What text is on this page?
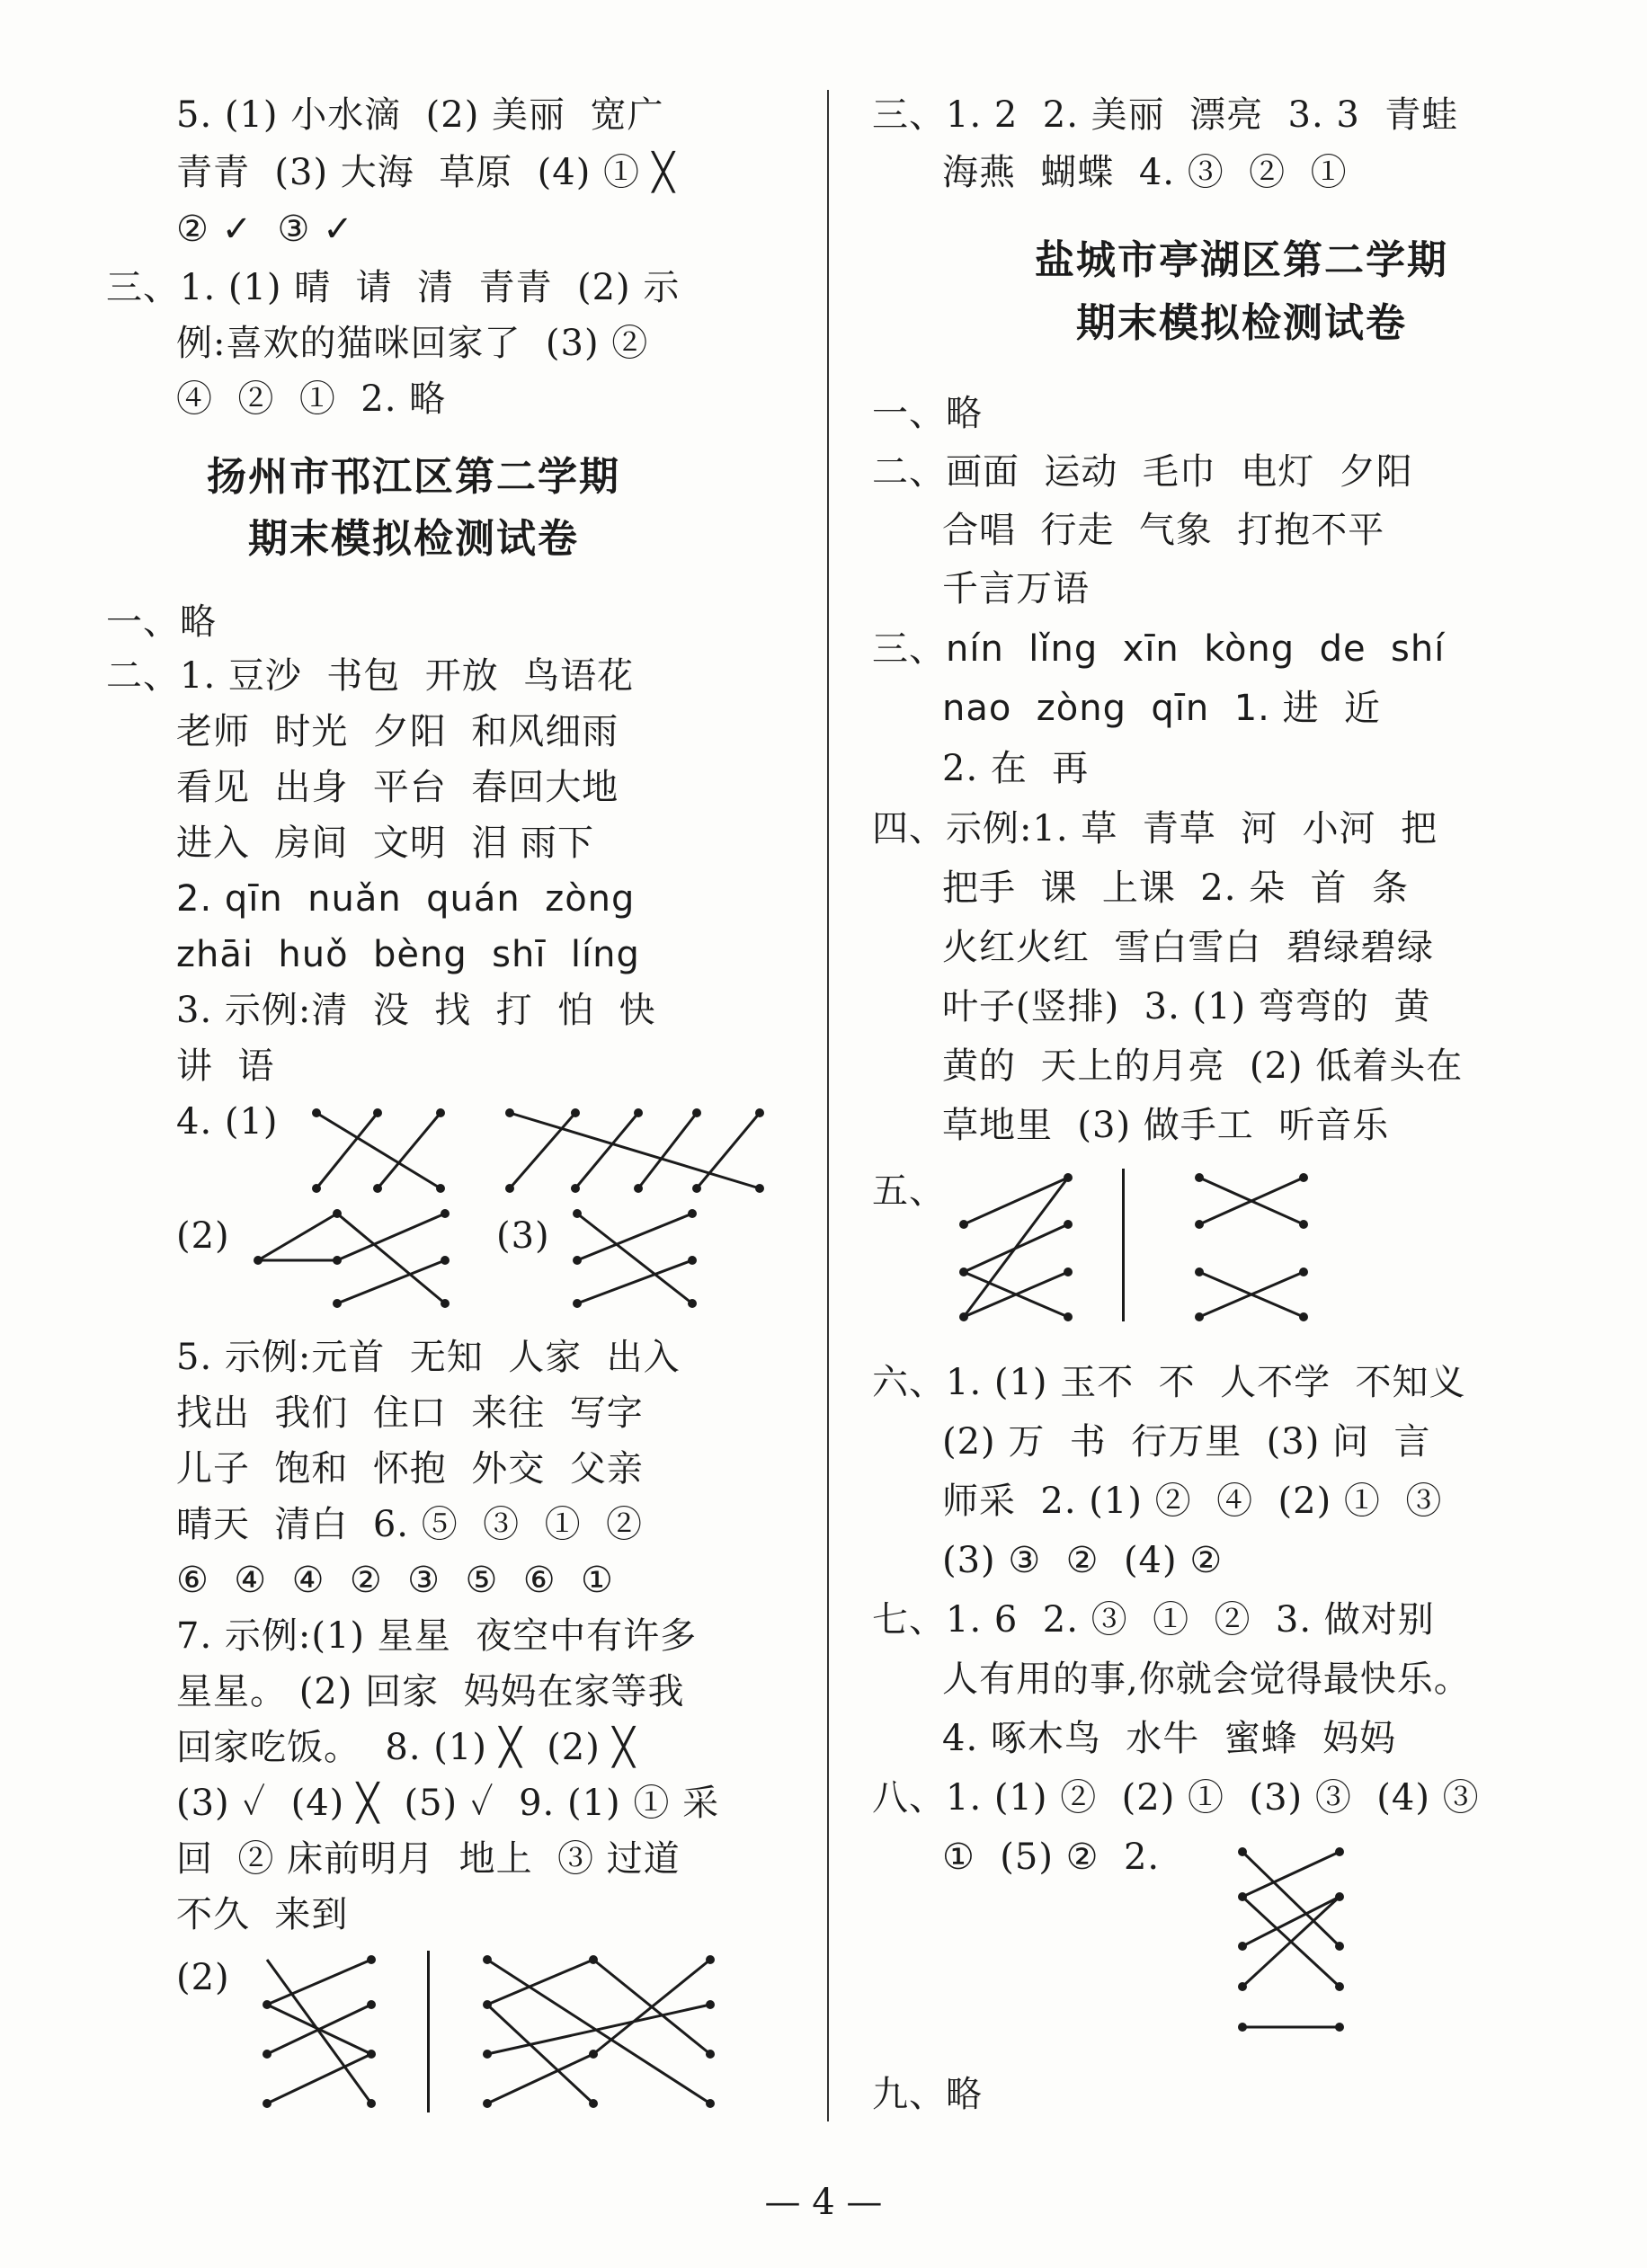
5. (1) 小水滴  (2) 美丽  宽广
青青  (3) 大海  草原  (4) ① ╳
② ✓  ③ ✓
三、1. (1) 晴  请  清  青青  (2) 示
例:喜欢的猫咪回家了  (3) ②
④  ②  ①  2. 略
扬州市邗江区第二学期
期末模拟检测试卷
一、略
二、1. 豆沙  书包  开放  鸟语花
老师  时光  夕阳  和风细雨
看见  出身  平台  春回大地
进入  房间  文明  泪 雨下
2. qīn  nuǎn  quán  zòng
zhāi  huǒ  bèng  shī  líng
3. 示例:清  没  找  打  怕  快
讲  语
4. (1)
(2)	(3)
5. 示例:元首  无知  人家  出入
找出  我们  住口  来往  写字
儿子  饱和  怀抱  外交  父亲
晴天  清白  6. ⑤  ③  ①  ②
⑥  ④  ④  ②  ③  ⑤  ⑥  ①
7. 示例:(1) 星星  夜空中有许多
星星。 (2) 回家  妈妈在家等我
回家吃饭。  8. (1) ╳  (2) ╳
(3) ✓  (4) ╳  (5) ✓  9. (1) ① 采
回  ② 床前明月  地上  ③ 过道
不久  来到
(2)
三、1. 2  2. 美丽  漂亮  3. 3  青蛙
海燕  蝴蝶  4. ③  ②  ①
盐城市亭湖区第二学期
期末模拟检测试卷
一、略
二、画面  运动  毛巾  电灯  夕阳
合唱  行走  气象  打抱不平
千言万语
三、nín  lǐng  xīn  kòng  de  shí
nao  zòng  qīn  1. 进  近
2. 在  再
四、示例:1. 草  青草  河  小河  把
把手  课  上课  2. 朵  首  条
火红火红  雪白雪白  碧绿碧绿
叶子(竖排)  3. (1) 弯弯的  黄
黄的  天上的月亮  (2) 低着头在
草地里  (3) 做手工  听音乐
五、
六、1. (1) 玉不  不  人不学  不知义
(2) 万  书  行万里  (3) 问  言
师采  2. (1) ②  ④  (2) ①  ③
(3) ③  ②  (4) ②
七、1. 6  2. ③  ①  ②  3. 做对别
人有用的事,你就会觉得最快乐。
4. 啄木鸟  水牛  蜜蜂  妈妈
八、1. (1) ②  (2) ①  (3) ③  (4) ③
①  (5) ②  2.
九、略
— 4 —
